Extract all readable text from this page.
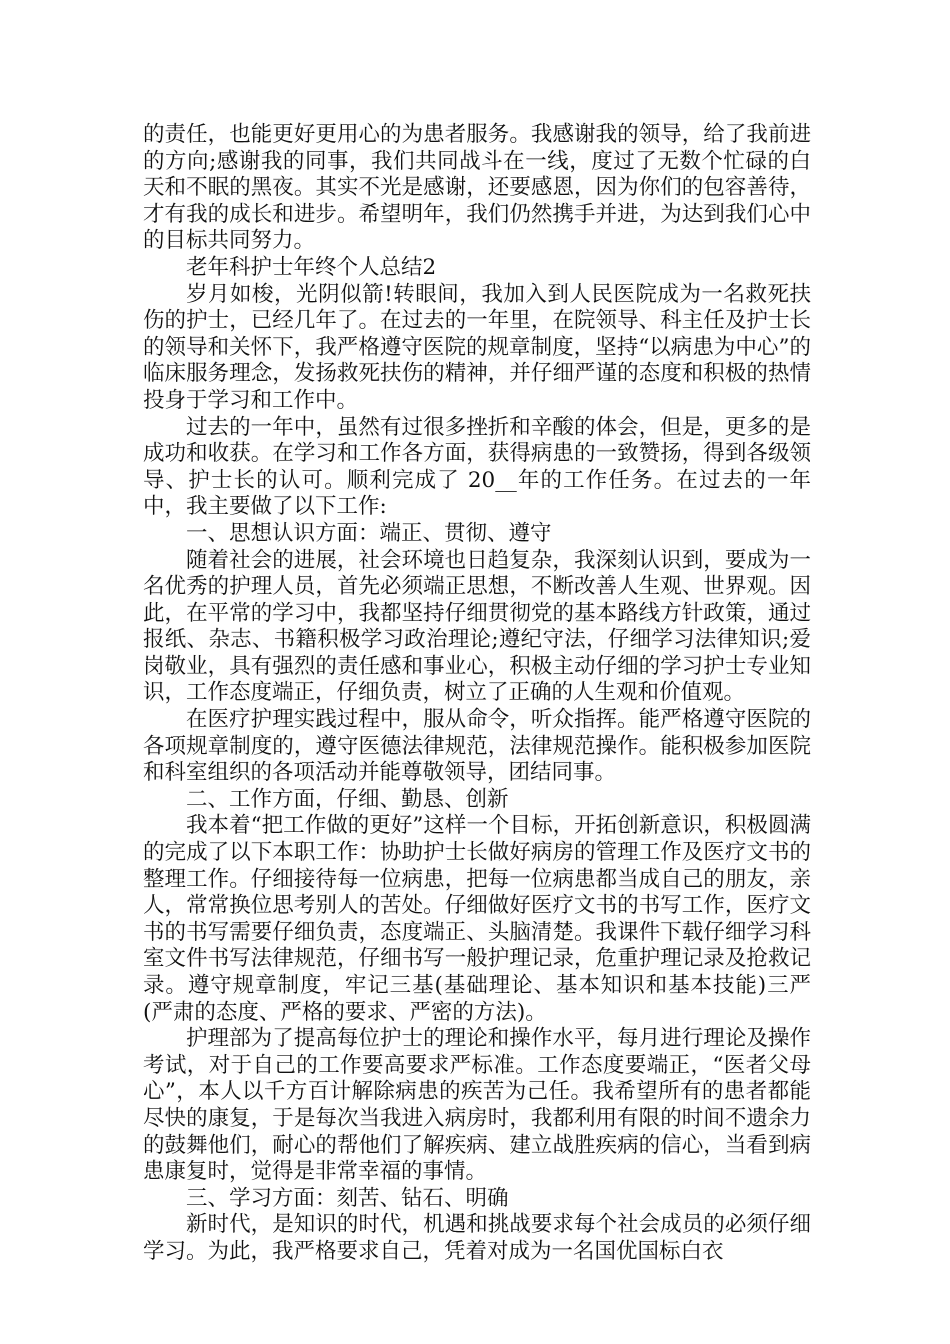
的责任，也能更好更用心的为患者服务。我感谢我的领导，给了我前进的方向;感谢我的同事，我们共同战斗在一线，度过了无数个忙碌的白天和不眠的黑夜。其实不光是感谢，还要感恩，因为你们的包容善待，才有我的成长和进步。希望明年，我们仍然携手并进，为达到我们心中的目标共同努力。

老年科护士年终个人总结2

岁月如梭，光阴似箭!转眼间，我加入到人民医院成为一名救死扶伤的护士，已经几年了。在过去的一年里，在院领导、科主任及护士长的领导和关怀下，我严格遵守医院的规章制度，坚持“以病患为中心”的临床服务理念，发扬救死扶伤的精神，并仔细严谨的态度和积极的热情投身于学习和工作中。

过去的一年中，虽然有过很多挫折和辛酸的体会，但是，更多的是成功和收获。在学习和工作各方面，获得病患的一致赞扬，得到各级领导、护士长的认可。顺利完成了 20__年的工作任务。在过去的一年中，我主要做了以下工作:

一、思想认识方面：端正、贯彻、遵守

随着社会的进展，社会环境也日趋复杂，我深刻认识到，要成为一名优秀的护理人员，首先必须端正思想，不断改善人生观、世界观。因此，在平常的学习中，我都坚持仔细贯彻党的基本路线方针政策，通过报纸、杂志、书籍积极学习政治理论;遵纪守法，仔细学习法律知识;爱岗敬业，具有强烈的责任感和事业心，积极主动仔细的学习护士专业知识，工作态度端正，仔细负责，树立了正确的人生观和价值观。

在医疗护理实践过程中，服从命令，听众指挥。能严格遵守医院的各项规章制度的，遵守医德法律规范，法律规范操作。能积极参加医院和科室组织的各项活动并能尊敬领导，团结同事。

二、工作方面，仔细、勤恳、创新

我本着“把工作做的更好”这样一个目标，开拓创新意识，积极圆满的完成了以下本职工作：协助护士长做好病房的管理工作及医疗文书的整理工作。仔细接待每一位病患，把每一位病患都当成自己的朋友，亲人，常常换位思考别人的苦处。仔细做好医疗文书的书写工作，医疗文书的书写需要仔细负责，态度端正、头脑清楚。我课件下载仔细学习科室文件书写法律规范，仔细书写一般护理记录，危重护理记录及抢救记录。遵守规章制度，牢记三基(基础理论、基本知识和基本技能)三严(严肃的态度、严格的要求、严密的方法)。

护理部为了提高每位护士的理论和操作水平，每月进行理论及操作考试，对于自己的工作要高要求严标准。工作态度要端正，“医者父母心”，本人以千方百计解除病患的疾苦为己任。我希望所有的患者都能尽快的康复，于是每次当我进入病房时，我都利用有限的时间不遗余力的鼓舞他们，耐心的帮他们了解疾病、建立战胜疾病的信心，当看到病患康复时，觉得是非常幸福的事情。

三、学习方面：刻苦、钻石、明确

新时代，是知识的时代，机遇和挑战要求每个社会成员的必须仔细学习。为此，我严格要求自己，凭着对成为一名国优国标白衣
